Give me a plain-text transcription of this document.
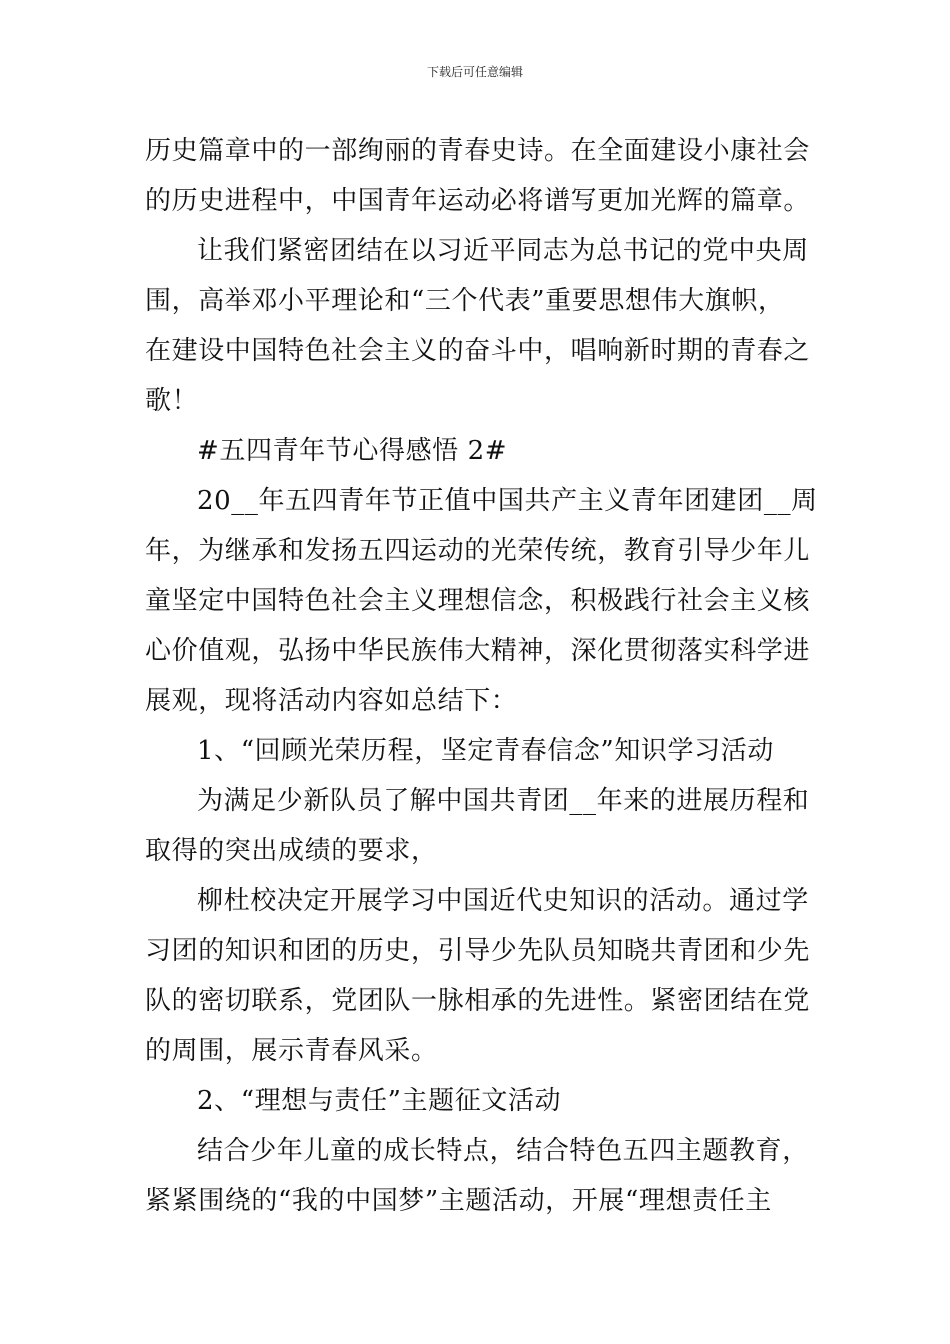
下载后可任意编辑
历史篇章中的一部绚丽的青春史诗。在全面建设小康社会
的历史进程中，中国青年运动必将谱写更加光辉的篇章。
让我们紧密团结在以习近平同志为总书记的党中央周
围，高举邓小平理论和“三个代表”重要思想伟大旗帜，
在建设中国特色社会主义的奋斗中，唱响新时期的青春之
歌！
#五四青年节心得感悟 2#
20__年五四青年节正值中国共产主义青年团建团__周
年，为继承和发扬五四运动的光荣传统，教育引导少年儿
童坚定中国特色社会主义理想信念，积极践行社会主义核
心价值观，弘扬中华民族伟大精神，深化贯彻落实科学进
展观，现将活动内容如总结下：
1、“回顾光荣历程，坚定青春信念”知识学习活动
为满足少新队员了解中国共青团__年来的进展历程和
取得的突出成绩的要求，
柳杜校决定开展学习中国近代史知识的活动。通过学
习团的知识和团的历史，引导少先队员知晓共青团和少先
队的密切联系，党团队一脉相承的先进性。紧密团结在党
的周围，展示青春风采。
2、“理想与责任”主题征文活动
结合少年儿童的成长特点，结合特色五四主题教育，
紧紧围绕的“我的中国梦”主题活动，开展“理想责任主
